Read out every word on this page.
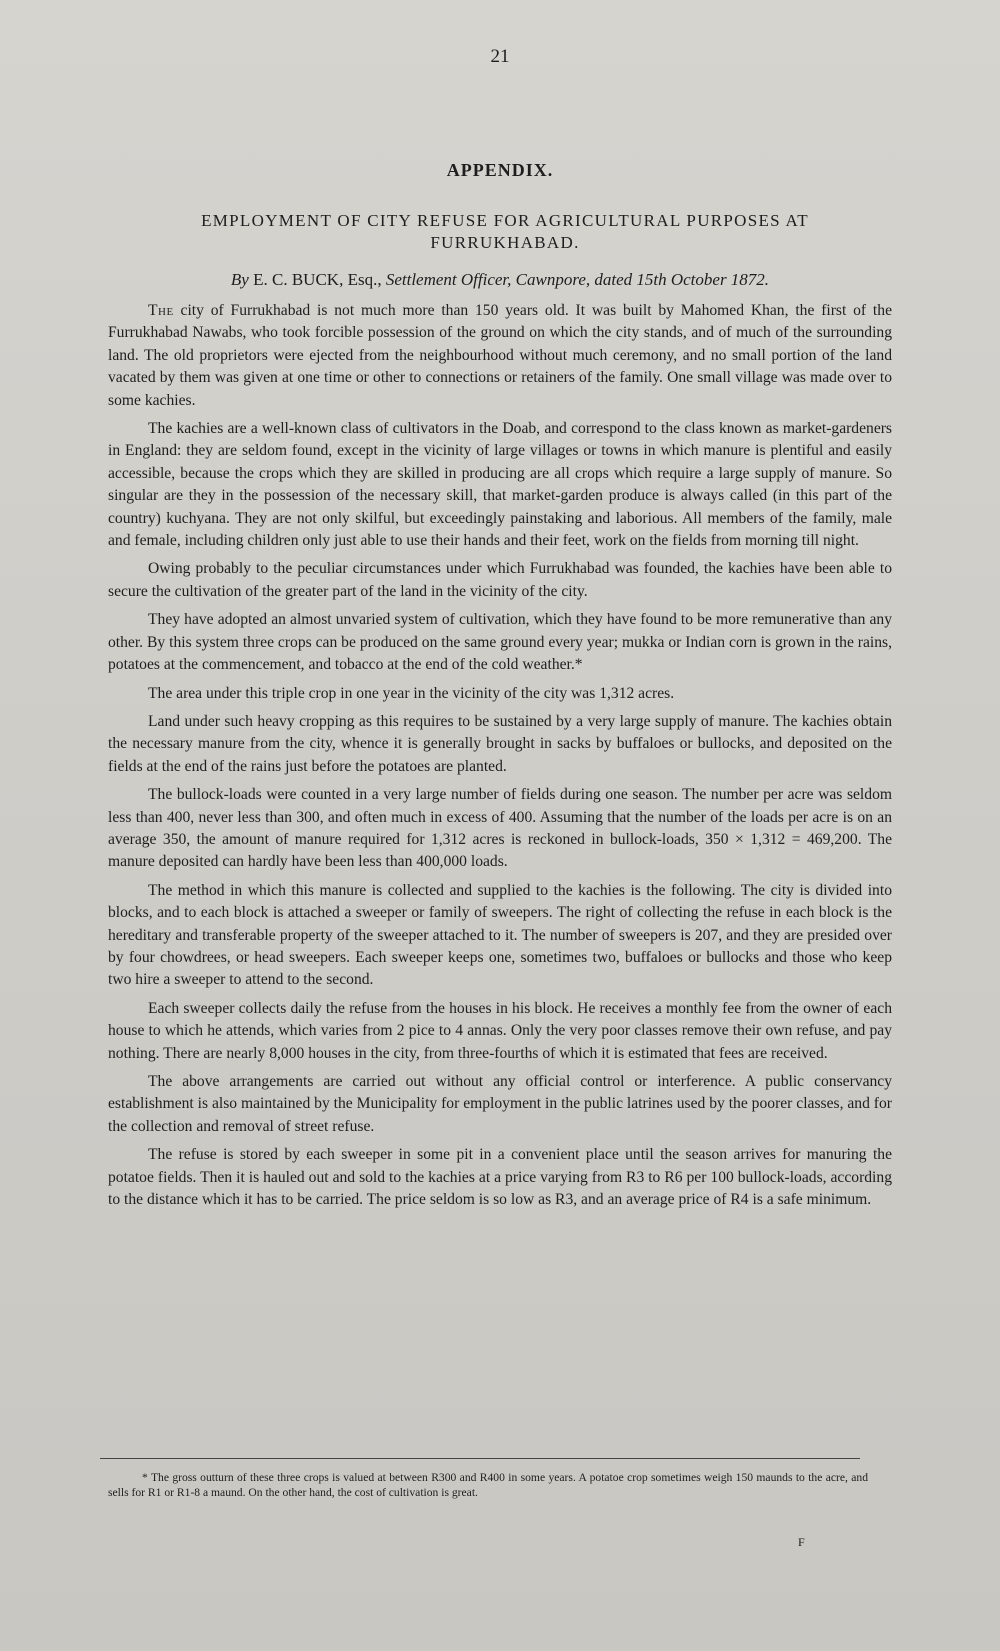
21
APPENDIX.
EMPLOYMENT OF CITY REFUSE FOR AGRICULTURAL PURPOSES AT FURRUKHABAD.
By E. C. BUCK, Esq., Settlement Officer, Cawnpore, dated 15th October 1872.

The city of Furrukhabad is not much more than 150 years old. It was built by Mahomed Khan, the first of the Furrukhabad Nawabs, who took forcible possession of the ground on which the city stands, and of much of the surrounding land. The old proprietors were ejected from the neighbourhood without much ceremony, and no small portion of the land vacated by them was given at one time or other to connections or retainers of the family. One small village was made over to some kachies.

The kachies are a well-known class of cultivators in the Doab, and correspond to the class known as market-gardeners in England: they are seldom found, except in the vicinity of large villages or towns in which manure is plentiful and easily accessible, because the crops which they are skilled in producing are all crops which require a large supply of manure. So singular are they in the possession of the necessary skill, that market-garden produce is always called (in this part of the country) kuchyana. They are not only skilful, but exceedingly painstaking and laborious. All members of the family, male and female, including children only just able to use their hands and their feet, work on the fields from morning till night.

Owing probably to the peculiar circumstances under which Furrukhabad was founded, the kachies have been able to secure the cultivation of the greater part of the land in the vicinity of the city.

They have adopted an almost unvaried system of cultivation, which they have found to be more remunerative than any other. By this system three crops can be produced on the same ground every year; mukka or Indian corn is grown in the rains, potatoes at the commencement, and tobacco at the end of the cold weather.*

The area under this triple crop in one year in the vicinity of the city was 1,312 acres.

Land under such heavy cropping as this requires to be sustained by a very large supply of manure. The kachies obtain the necessary manure from the city, whence it is generally brought in sacks by buffaloes or bullocks, and deposited on the fields at the end of the rains just before the potatoes are planted.

The bullock-loads were counted in a very large number of fields during one season. The number per acre was seldom less than 400, never less than 300, and often much in excess of 400. Assuming that the number of the loads per acre is on an average 350, the amount of manure required for 1,312 acres is reckoned in bullock-loads, 350 × 1,312 = 469,200. The manure deposited can hardly have been less than 400,000 loads.

The method in which this manure is collected and supplied to the kachies is the following. The city is divided into blocks, and to each block is attached a sweeper or family of sweepers. The right of collecting the refuse in each block is the hereditary and transferable property of the sweeper attached to it. The number of sweepers is 207, and they are presided over by four chowdrees, or head sweepers. Each sweeper keeps one, sometimes two, buffaloes or bullocks and those who keep two hire a sweeper to attend to the second.

Each sweeper collects daily the refuse from the houses in his block. He receives a monthly fee from the owner of each house to which he attends, which varies from 2 pice to 4 annas. Only the very poor classes remove their own refuse, and pay nothing. There are nearly 8,000 houses in the city, from three-fourths of which it is estimated that fees are received.

The above arrangements are carried out without any official control or interference. A public conservancy establishment is also maintained by the Municipality for employment in the public latrines used by the poorer classes, and for the collection and removal of street refuse.

The refuse is stored by each sweeper in some pit in a convenient place until the season arrives for manuring the potatoe fields. Then it is hauled out and sold to the kachies at a price varying from R3 to R6 per 100 bullock-loads, according to the distance which it has to be carried. The price seldom is so low as R3, and an average price of R4 is a safe minimum.

* The gross outturn of these three crops is valued at between R300 and R400 in some years. A potatoe crop sometimes weigh 150 maunds to the acre, and sells for R1 or R1-8 a maund. On the other hand, the cost of cultivation is great.

F
